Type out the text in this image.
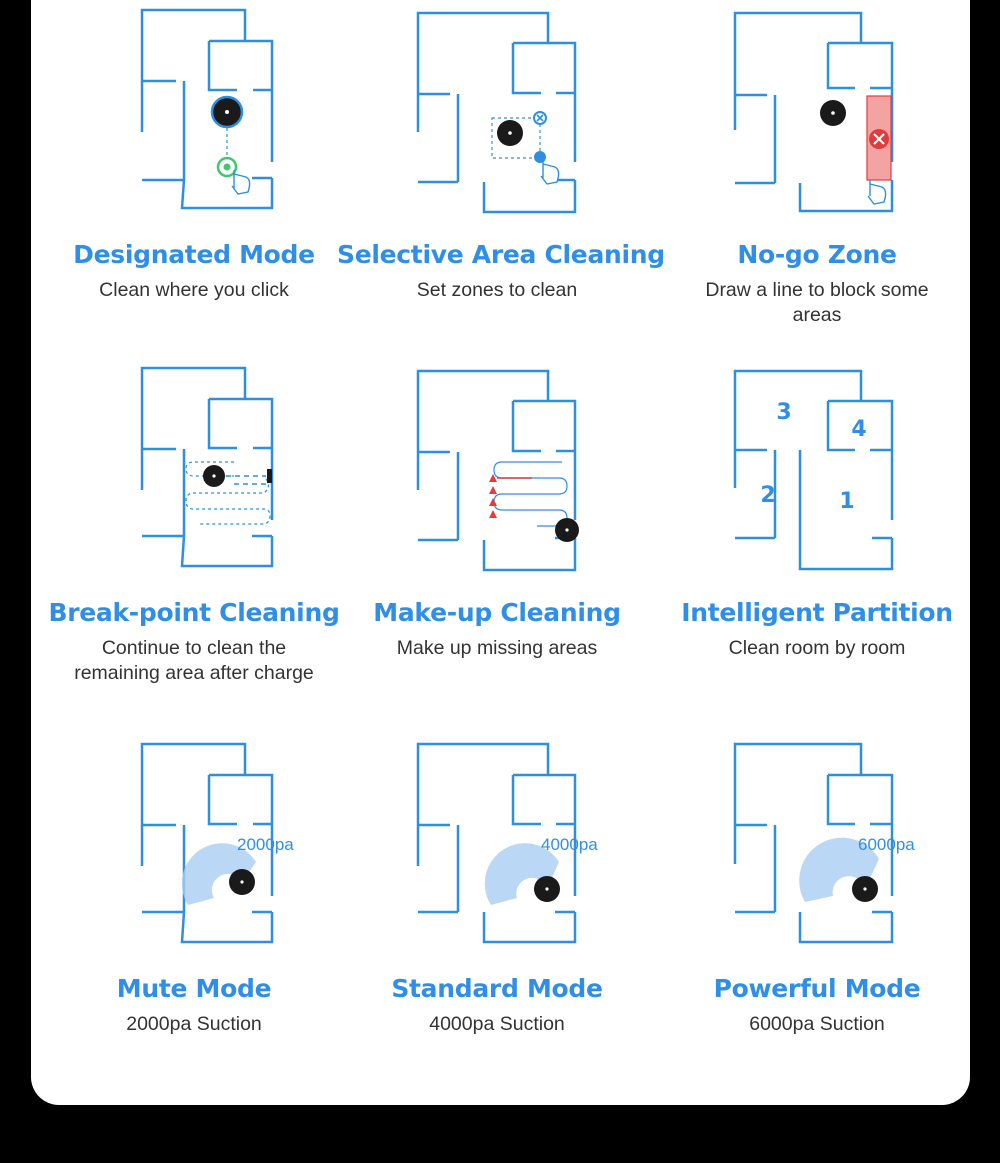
Designated Mode
Clean where you click
Selective Area Cleaning
Set zones to clean
No-go Zone
Draw a line to block some areas
Break-point Cleaning
Continue to clean the remaining area after charge
Make-up Cleaning
Make up missing areas
3
4
2	1
Intelligent Partition
Clean room by room
2000pa
Mute Mode
2000pa Suction
4000pa
Standard Mode
4000pa Suction
6000pa
Powerful Mode
6000pa Suction
